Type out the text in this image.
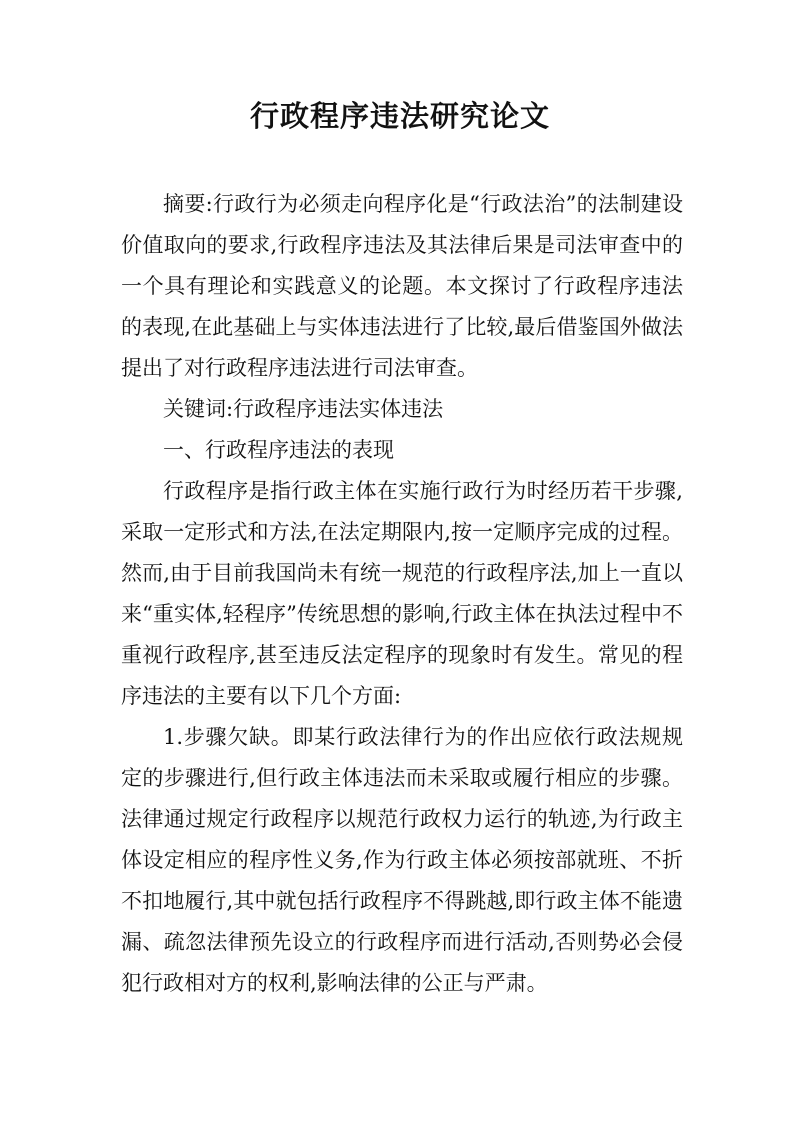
行政程序违法研究论文

摘要:行政行为必须走向程序化是“行政法治”的法制建设价值取向的要求,行政程序违法及其法律后果是司法审查中的一个具有理论和实践意义的论题。本文探讨了行政程序违法的表现,在此基础上与实体违法进行了比较,最后借鉴国外做法提出了对行政程序违法进行司法审查。

关键词:行政程序违法实体违法

一、行政程序违法的表现

行政程序是指行政主体在实施行政行为时经历若干步骤,采取一定形式和方法,在法定期限内,按一定顺序完成的过程。然而,由于目前我国尚未有统一规范的行政程序法,加上一直以来“重实体,轻程序”传统思想的影响,行政主体在执法过程中不重视行政程序,甚至违反法定程序的现象时有发生。常见的程序违法的主要有以下几个方面:

1.步骤欠缺。即某行政法律行为的作出应依行政法规规定的步骤进行,但行政主体违法而未采取或履行相应的步骤。法律通过规定行政程序以规范行政权力运行的轨迹,为行政主体设定相应的程序性义务,作为行政主体必须按部就班、不折不扣地履行,其中就包括行政程序不得跳越,即行政主体不能遗漏、疏忽法律预先设立的行政程序而进行活动,否则势必会侵犯行政相对方的权利,影响法律的公正与严肃。
